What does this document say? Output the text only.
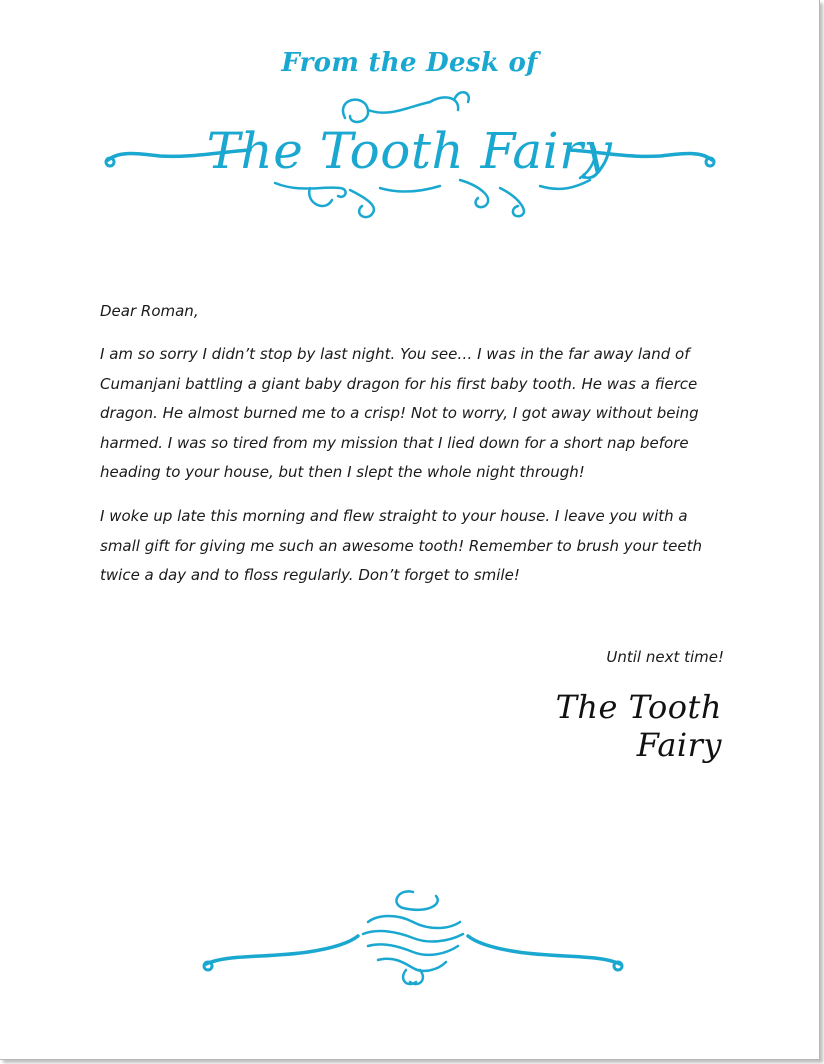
From the Desk of
The Tooth Fairy
Dear Roman,

I am so sorry I didn’t stop by last night. You see… I was in the far away land of

Cumanjani battling a giant baby dragon for his first baby tooth. He was a fierce

dragon. He almost burned me to a crisp! Not to worry, I got away without being

harmed. I was so tired from my mission that I lied down for a short nap before

heading to your house, but then I slept the whole night through!

I woke up late this morning and flew straight to your house. I leave you with a

small gift for giving me such an awesome tooth! Remember to brush your teeth

twice a day and to floss regularly. Don’t forget to smile!

Until next time!
The Tooth Fairy
